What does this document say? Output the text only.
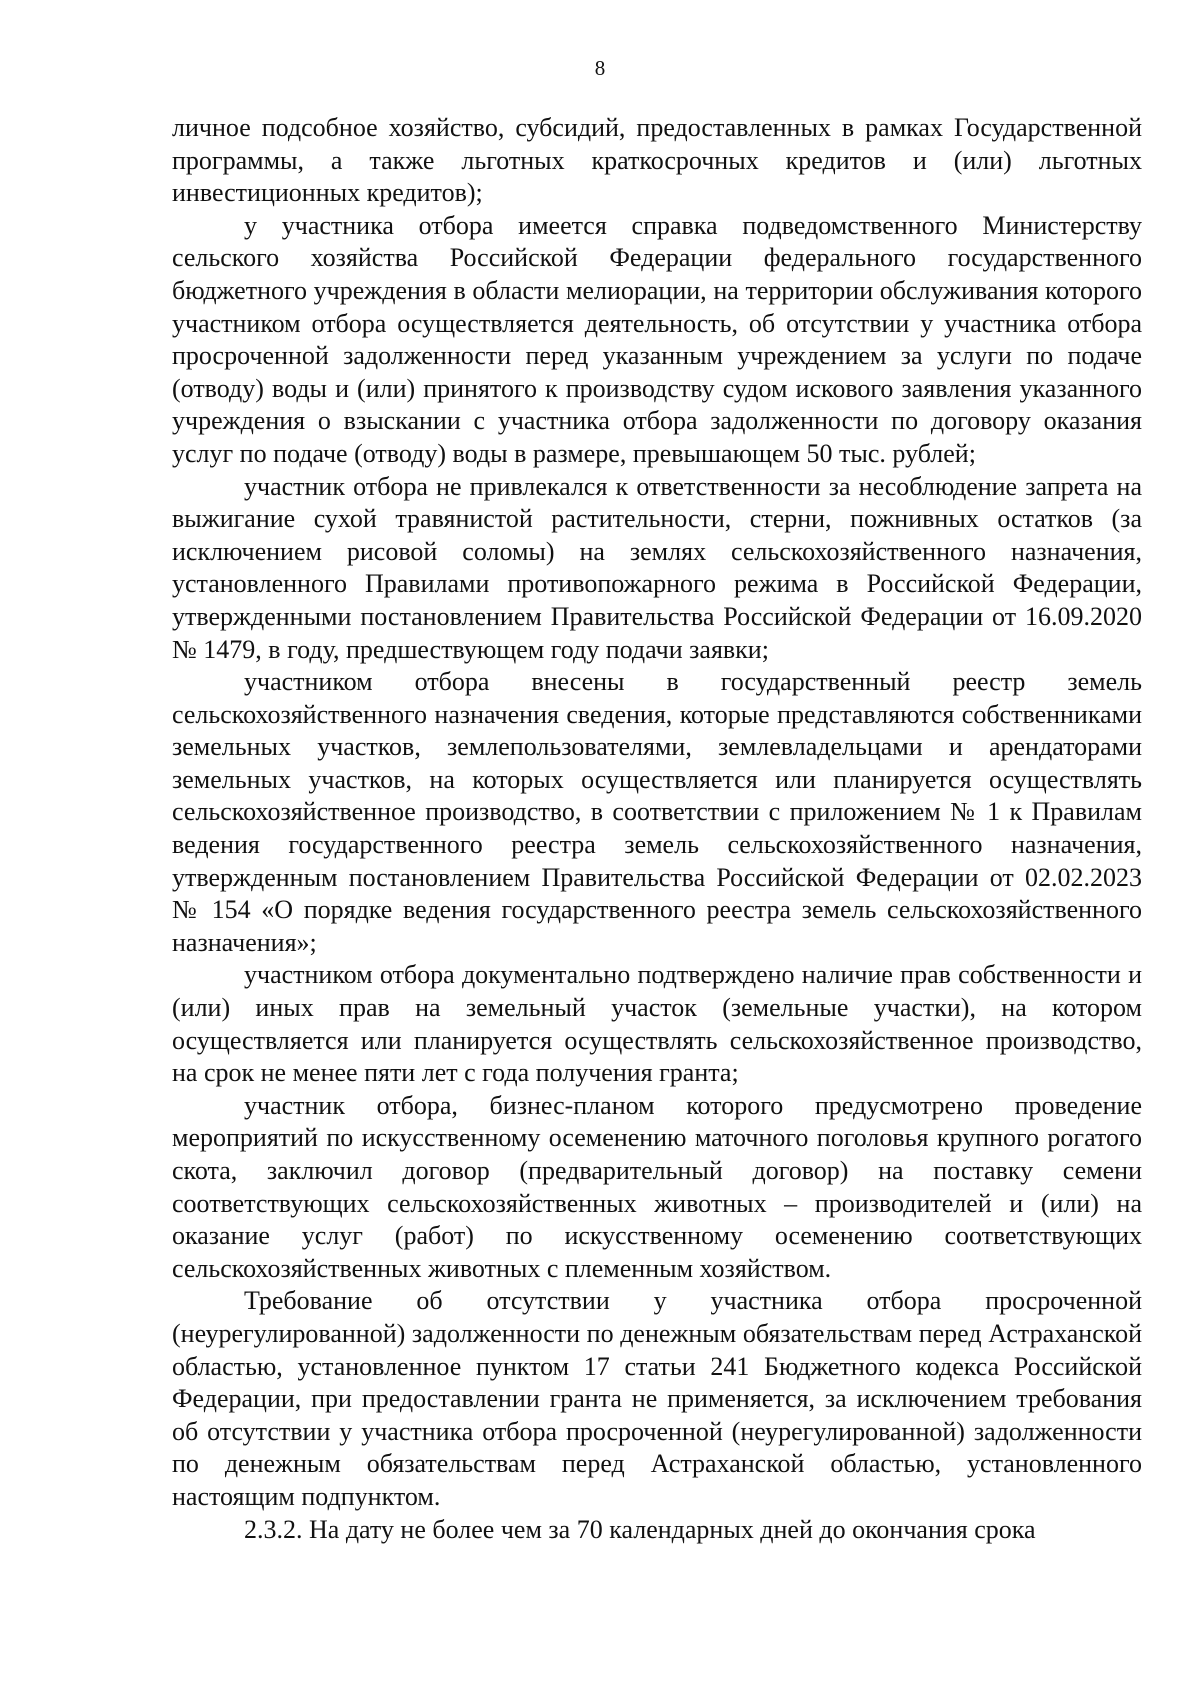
8

личное подсобное хозяйство, субсидий, предоставленных в рамках Государственной программы, а также льготных краткосрочных кредитов и (или) льготных инвестиционных кредитов);

у участника отбора имеется справка подведомственного Министерству сельского хозяйства Российской Федерации федерального государственного бюджетного учреждения в области мелиорации, на территории обслуживания которого участником отбора осуществляется деятельность, об отсутствии у участника отбора просроченной задолженности перед указанным учреждением за услуги по подаче (отводу) воды и (или) принятого к производству судом искового заявления указанного учреждения о взыскании с участника отбора задолженности по договору оказания услуг по подаче (отводу) воды в размере, превышающем 50 тыс. рублей;

участник отбора не привлекался к ответственности за несоблюдение запрета на выжигание сухой травянистой растительности, стерни, пожнивных остатков (за исключением рисовой соломы) на землях сельскохозяйственного назначения, установленного Правилами противопожарного режима в Российской Федерации, утвержденными постановлением Правительства Российской Федерации от 16.09.2020 № 1479, в году, предшествующем году подачи заявки;

участником отбора внесены в государственный реестр земель сельскохозяйственного назначения сведения, которые представляются собственниками земельных участков, землепользователями, землевладельцами и арендаторами земельных участков, на которых осуществляется или планируется осуществлять сельскохозяйственное производство, в соответствии с приложением № 1 к Правилам ведения государственного реестра земель сельскохозяйственного назначения, утвержденным постановлением Правительства Российской Федерации от 02.02.2023 № 154 «О порядке ведения государственного реестра земель сельскохозяйственного назначения»;

участником отбора документально подтверждено наличие прав собственности и (или) иных прав на земельный участок (земельные участки), на котором осуществляется или планируется осуществлять сельскохозяйственное производство, на срок не менее пяти лет с года получения гранта;

участник отбора, бизнес-планом которого предусмотрено проведение мероприятий по искусственному осеменению маточного поголовья крупного рогатого скота, заключил договор (предварительный договор) на поставку семени соответствующих сельскохозяйственных животных – производителей и (или) на оказание услуг (работ) по искусственному осеменению соответствующих сельскохозяйственных животных с племенным хозяйством.

Требование об отсутствии у участника отбора просроченной (неурегулированной) задолженности по денежным обязательствам перед Астраханской областью, установленное пунктом 17 статьи 241 Бюджетного кодекса Российской Федерации, при предоставлении гранта не применяется, за исключением требования об отсутствии у участника отбора просроченной (неурегулированной) задолженности по денежным обязательствам перед Астраханской областью, установленного настоящим подпунктом.

2.3.2. На дату не более чем за 70 календарных дней до окончания срока
